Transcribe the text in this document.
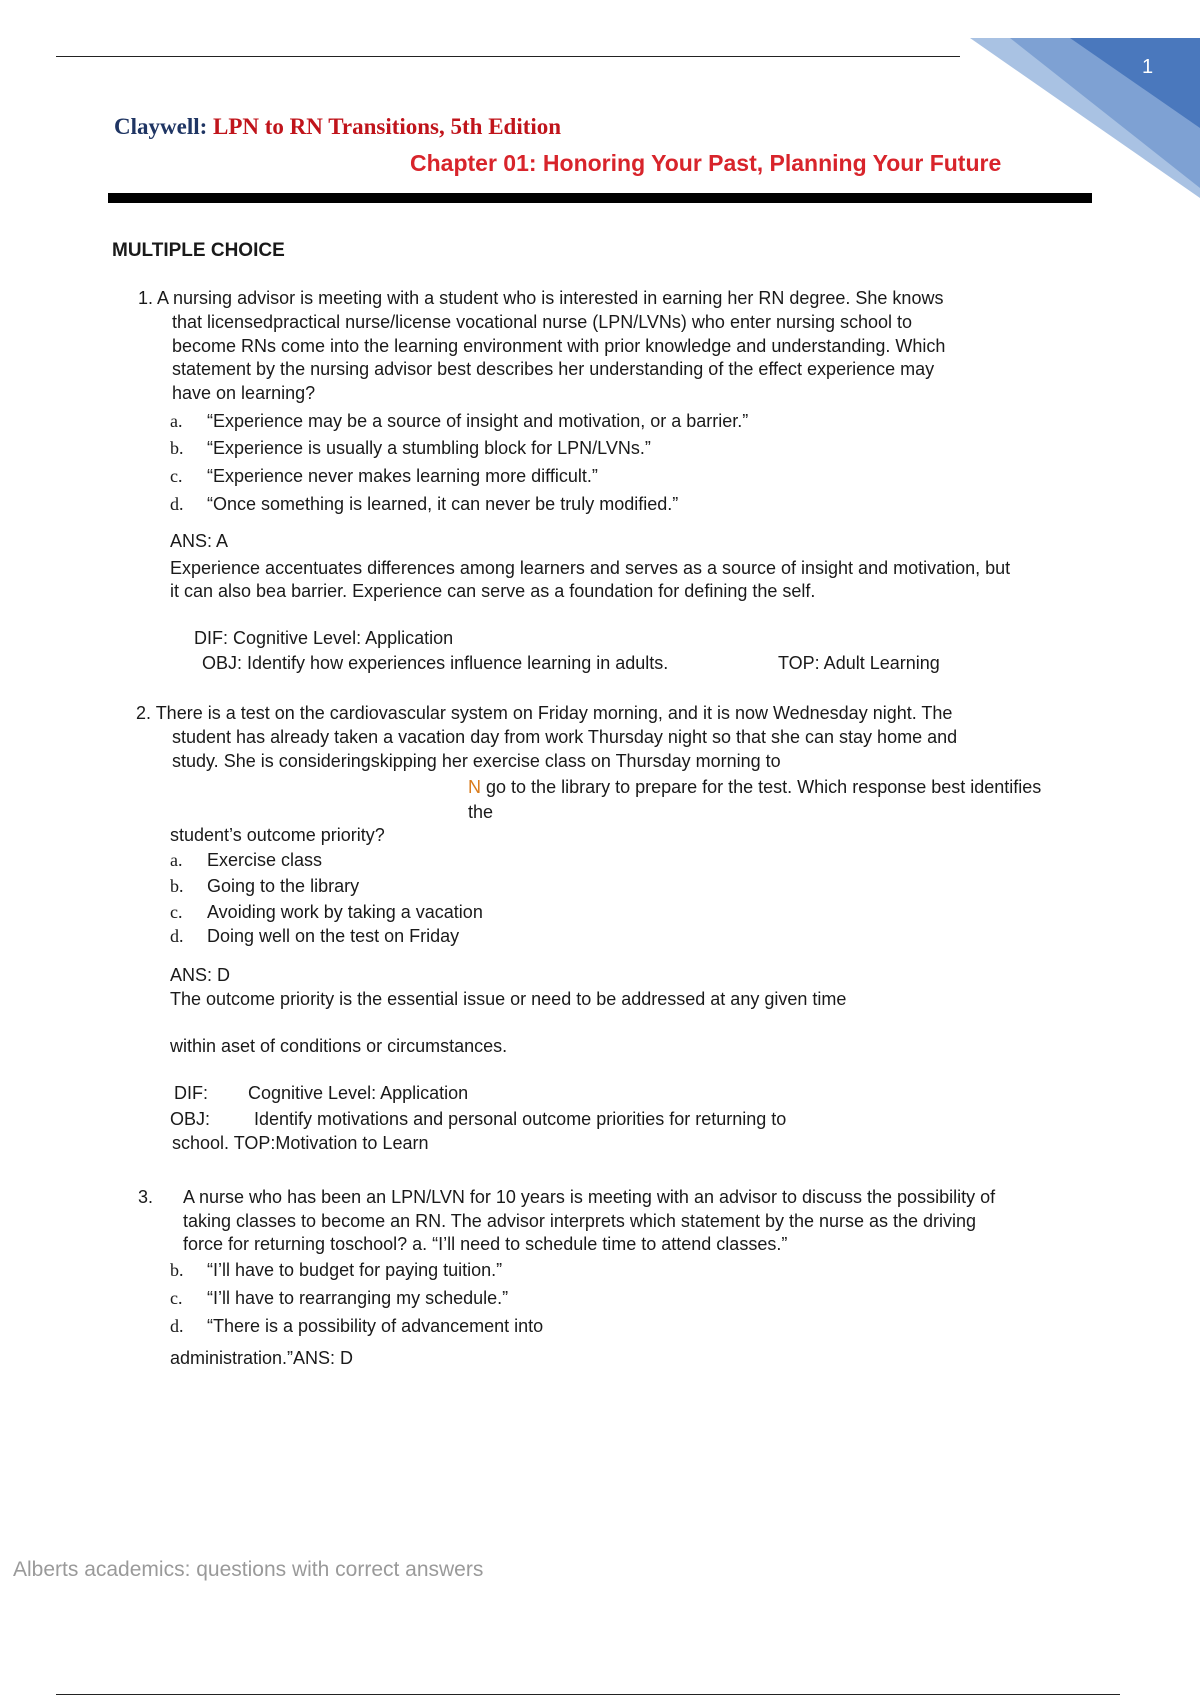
1
Claywell: LPN to RN Transitions, 5th Edition
Chapter 01: Honoring Your Past, Planning Your Future
MULTIPLE CHOICE
1. A nursing advisor is meeting with a student who is interested in earning her RN degree. She knows
that licensedpractical nurse/license vocational nurse (LPN/LVNs) who enter nursing school to
become RNs come into the learning environment with prior knowledge and understanding. Which
statement by the nursing advisor best describes her understanding of the effect experience may
have on learning?
a. “Experience may be a source of insight and motivation, or a barrier.”
b. “Experience is usually a stumbling block for LPN/LVNs.”
c. “Experience never makes learning more difficult.”
d. “Once something is learned, it can never be truly modified.”
ANS: A
Experience accentuates differences among learners and serves as a source of insight and motivation, but
it can also bea barrier. Experience can serve as a foundation for defining the self.
DIF: Cognitive Level: Application
OBJ: Identify how experiences influence learning in adults.	TOP: Adult Learning
2. There is a test on the cardiovascular system on Friday morning, and it is now Wednesday night. The
student has already taken a vacation day from work Thursday night so that she can stay home and
study. She is consideringskipping her exercise class on Thursday morning to
N go to the library to prepare for the test. Which response best identifies
the
student’s outcome priority?
a. Exercise class
b. Going to the library
c. Avoiding work by taking a vacation
d. Doing well on the test on Friday
ANS: D
The outcome priority is the essential issue or need to be addressed at any given time
within aset of conditions or circumstances.
DIF: Cognitive Level: Application
OBJ: Identify motivations and personal outcome priorities for returning to
school. TOP:Motivation to Learn
3. A nurse who has been an LPN/LVN for 10 years is meeting with an advisor to discuss the possibility of
taking classes to become an RN. The advisor interprets which statement by the nurse as the driving
force for returning toschool? a. “I’ll need to schedule time to attend classes.”
b. “I’ll have to budget for paying tuition.”
c. “I’ll have to rearranging my schedule.”
d. “There is a possibility of advancement into
administration.”ANS: D
Alberts academics: questions with correct answers
